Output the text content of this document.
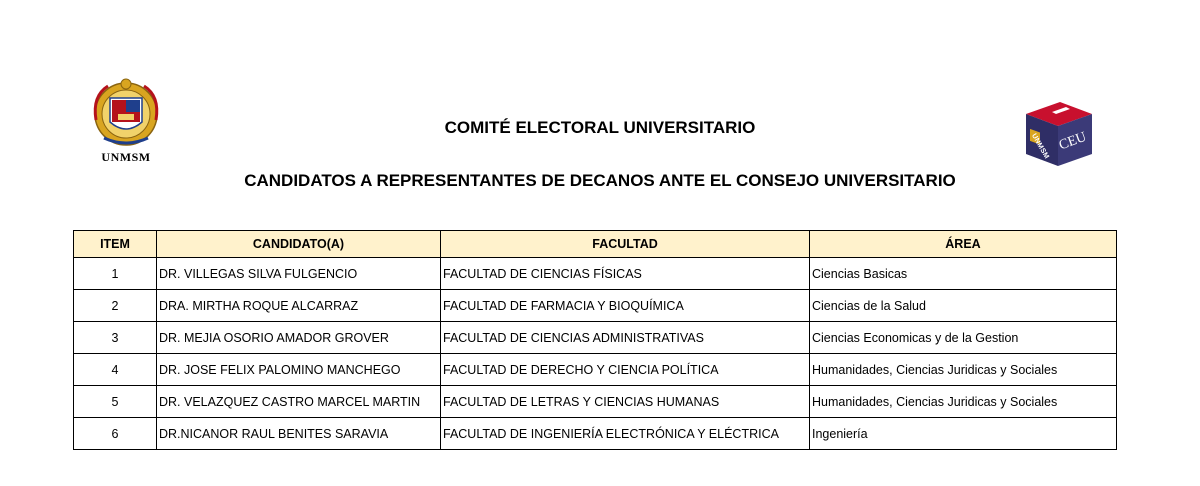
UNMSM
CEU
UNMSM
COMITÉ ELECTORAL UNIVERSITARIO
CANDIDATOS A REPRESENTANTES DE DECANOS ANTE EL CONSEJO UNIVERSITARIO
ITEM	CANDIDATO(A)	FACULTAD	ÁREA
1	DR. VILLEGAS SILVA FULGENCIO	FACULTAD DE CIENCIAS FÍSICAS	Ciencias Basicas
2	DRA. MIRTHA ROQUE ALCARRAZ	FACULTAD DE FARMACIA Y BIOQUÍMICA	Ciencias de la Salud
3	DR. MEJIA OSORIO AMADOR GROVER	FACULTAD DE CIENCIAS ADMINISTRATIVAS	Ciencias Economicas y de la Gestion
4	DR. JOSE FELIX PALOMINO MANCHEGO	FACULTAD DE DERECHO Y CIENCIA POLÍTICA	Humanidades, Ciencias Juridicas y Sociales
5	DR. VELAZQUEZ CASTRO MARCEL MARTIN	FACULTAD DE LETRAS Y CIENCIAS HUMANAS	Humanidades, Ciencias Juridicas y Sociales
6	DR.NICANOR RAUL BENITES SARAVIA	FACULTAD DE INGENIERÍA ELECTRÓNICA Y ELÉCTRICA	Ingeniería
